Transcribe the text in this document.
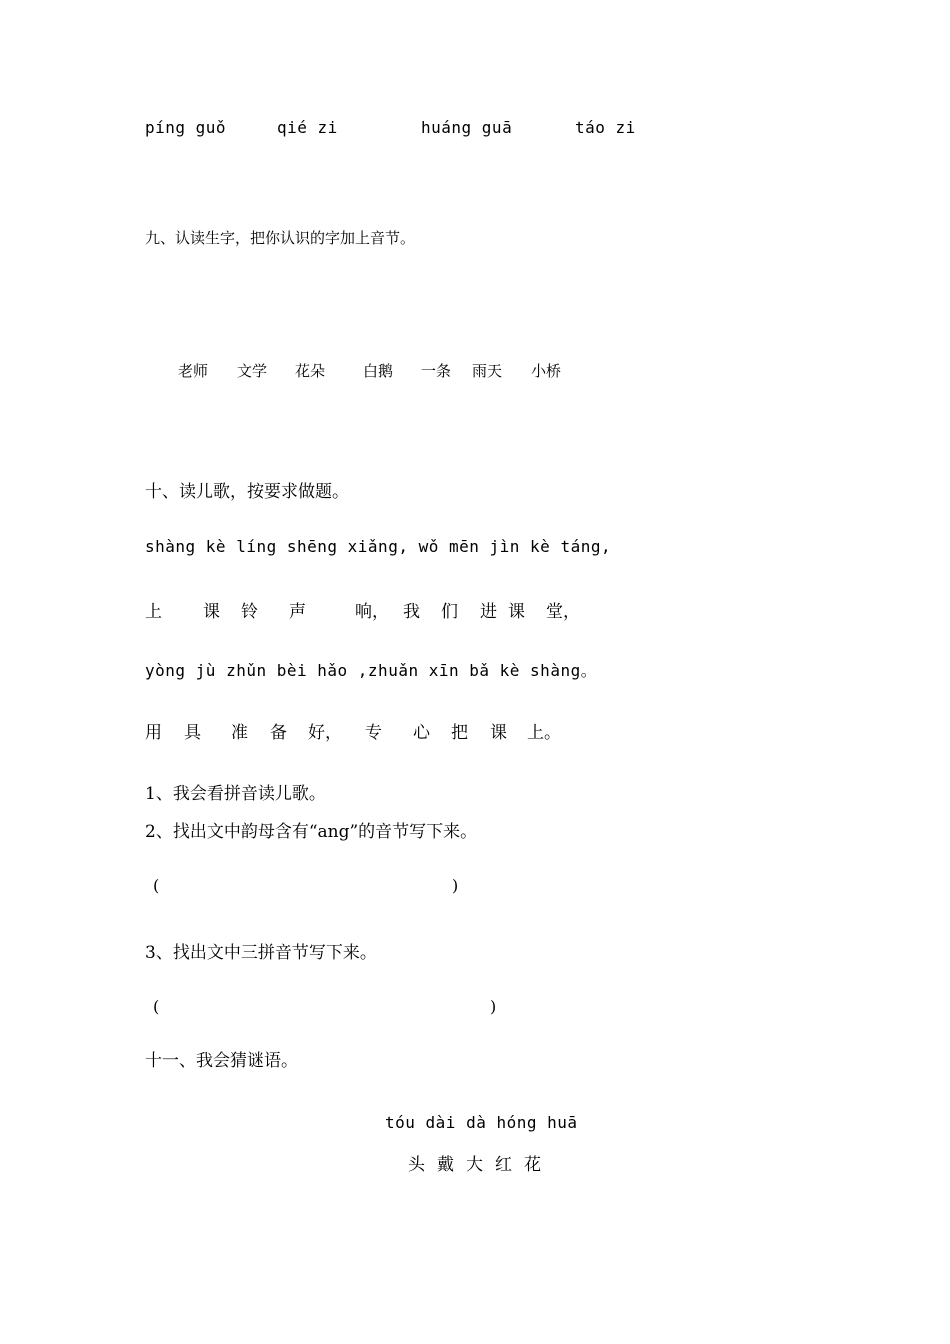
píng guǒ	qié zi	huáng guā	táo zi
九、认读生字，把你认识的字加上音节。
老师 文学 花朵	白鹅 一条 雨天 小桥
十、读儿歌，按要求做题。
shàng kè líng shēng xiǎng, wǒ mēn jìn kè táng,
上 课 铃 声	响， 我 们 进 课 堂，
yòng jù zhǔn bèi hǎo ,zhuǎn xīn bǎ kè shàng。
用 具 准 备 好， 专 心 把 课 上。
1、我会看拼音读儿歌。
2、找出文中韵母含有“ang”的音节写下来。
(	)
3、找出文中三拼音节写下来。
(	)
十一、我会猜谜语。
tóu dài dà hóng huā
头 戴 大 红 花
